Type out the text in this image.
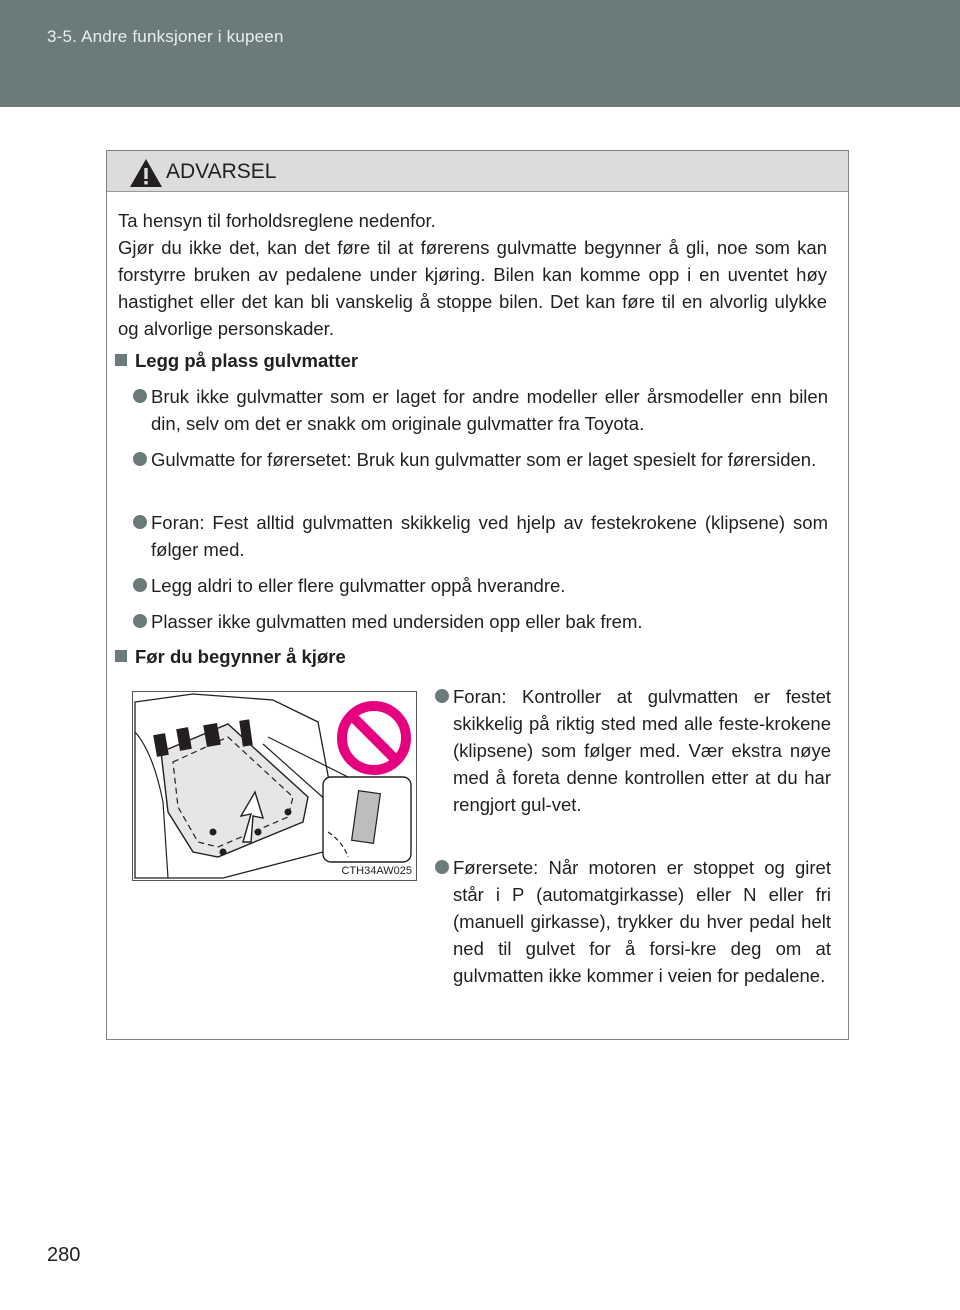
3-5. Andre funksjoner i kupeen
ADVARSEL

Ta hensyn til forholdsreglene nedenfor.

Gjør du ikke det, kan det føre til at førerens gulvmatte begynner å gli, noe som kan forstyrre bruken av pedalene under kjøring. Bilen kan komme opp i en uventet høy hastighet eller det kan bli vanskelig å stoppe bilen. Det kan føre til en alvorlig ulykke og alvorlige personskader.

Legg på plass gulvmatter
Bruk ikke gulvmatter som er laget for andre modeller eller årsmodeller enn bilen din, selv om det er snakk om originale gulvmatter fra Toyota.
Gulvmatte for førersetet: Bruk kun gulvmatter som er laget spesielt for førersiden.
Foran: Fest alltid gulvmatten skikkelig ved hjelp av festekrokene (klipsene) som følger med.
Legg aldri to eller flere gulvmatter oppå hverandre.
Plasser ikke gulvmatten med undersiden opp eller bak frem.
Før du begynner å kjøre
CTH34AW025
Foran: Kontroller at gulvmatten er festet skikkelig på riktig sted med alle feste-krokene (klipsene) som følger med. Vær ekstra nøye med å foreta denne kontrollen etter at du har rengjort gul-vet.
Førersete: Når motoren er stoppet og giret står i P (automatgirkasse) eller N eller fri (manuell girkasse), trykker du hver pedal helt ned til gulvet for å forsi-kre deg om at gulvmatten ikke kommer i veien for pedalene.
280
